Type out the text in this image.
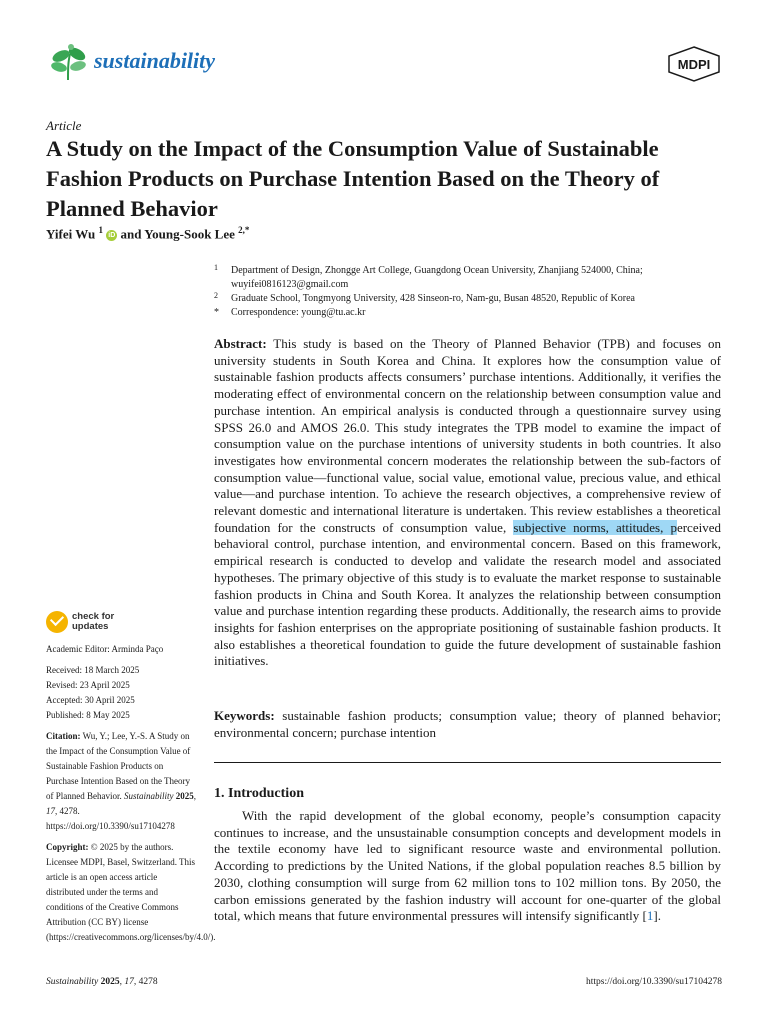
sustainability	MDPI
Article
A Study on the Impact of the Consumption Value of Sustainable Fashion Products on Purchase Intention Based on the Theory of Planned Behavior
Yifei Wu $^1$ iD and Young-Sook Lee $^{2,*}$
1 Department of Design, Zhongge Art College, Guangdong Ocean University, Zhanjiang 524000, China; wuyifei0816123@gmail.com
2 Graduate School, Tongmyong University, 428 Sinseon-ro, Nam-gu, Busan 48520, Republic of Korea
* Correspondence: young@tu.ac.kr
Abstract: This study is based on the Theory of Planned Behavior (TPB) and focuses on university students in South Korea and China. It explores how the consumption value of sustainable fashion products affects consumers’ purchase intentions. Additionally, it verifies the moderating effect of environmental concern on the relationship between consumption value and purchase intention. An empirical analysis is conducted through a questionnaire survey using SPSS 26.0 and AMOS 26.0. This study integrates the TPB model to examine the impact of consumption value on the purchase intentions of university students in both countries. It also investigates how environmental concern moderates the relationship between the sub-factors of consumption value—functional value, social value, emotional value, precious value, and ethical value—and purchase intention. To achieve the research objectives, a comprehensive review of relevant domestic and international literature is undertaken. This review establishes a theoretical foundation for the constructs of consumption value, subjective norms, attitudes, perceived behavioral control, purchase intention, and environmental concern. Based on this framework, empirical research is conducted to develop and validate the research model and associated hypotheses. The primary objective of this study is to evaluate the market response to sustainable fashion products in China and South Korea. It analyzes the relationship between consumption value and purchase intention regarding these products. Additionally, the research aims to provide insights for fashion enterprises on the appropriate positioning of sustainable fashion products. It also establishes a theoretical foundation to guide the future development of sustainable fashion initiatives.
Keywords: sustainable fashion products; consumption value; theory of planned behavior; environmental concern; purchase intention
1. Introduction
With the rapid development of the global economy, people’s consumption capacity continues to increase, and the unsustainable consumption concepts and development models in the textile economy have led to significant resource waste and environmental pollution. According to predictions by the United Nations, if the global population reaches 8.5 billion by 2030, clothing consumption will surge from 62 million tons to 102 million tons. By 2050, the carbon emissions generated by the fashion industry will account for one-quarter of the global total, which means that future environmental pressures will intensify significantly [1].
check for
updates
Academic Editor: Arminda Paço
Received: 18 March 2025
Revised: 23 April 2025
Accepted: 30 April 2025
Published: 8 May 2025
Citation: Wu, Y.; Lee, Y.-S. A Study on the Impact of the Consumption Value of Sustainable Fashion Products on Purchase Intention Based on the Theory of Planned Behavior. Sustainability 2025, 17, 4278. https://doi.org/10.3390/su17104278
Copyright: © 2025 by the authors. Licensee MDPI, Basel, Switzerland. This article is an open access article distributed under the terms and conditions of the Creative Commons Attribution (CC BY) license (https://creativecommons.org/licenses/by/4.0/).
Sustainability 2025, 17, 4278	https://doi.org/10.3390/su17104278
